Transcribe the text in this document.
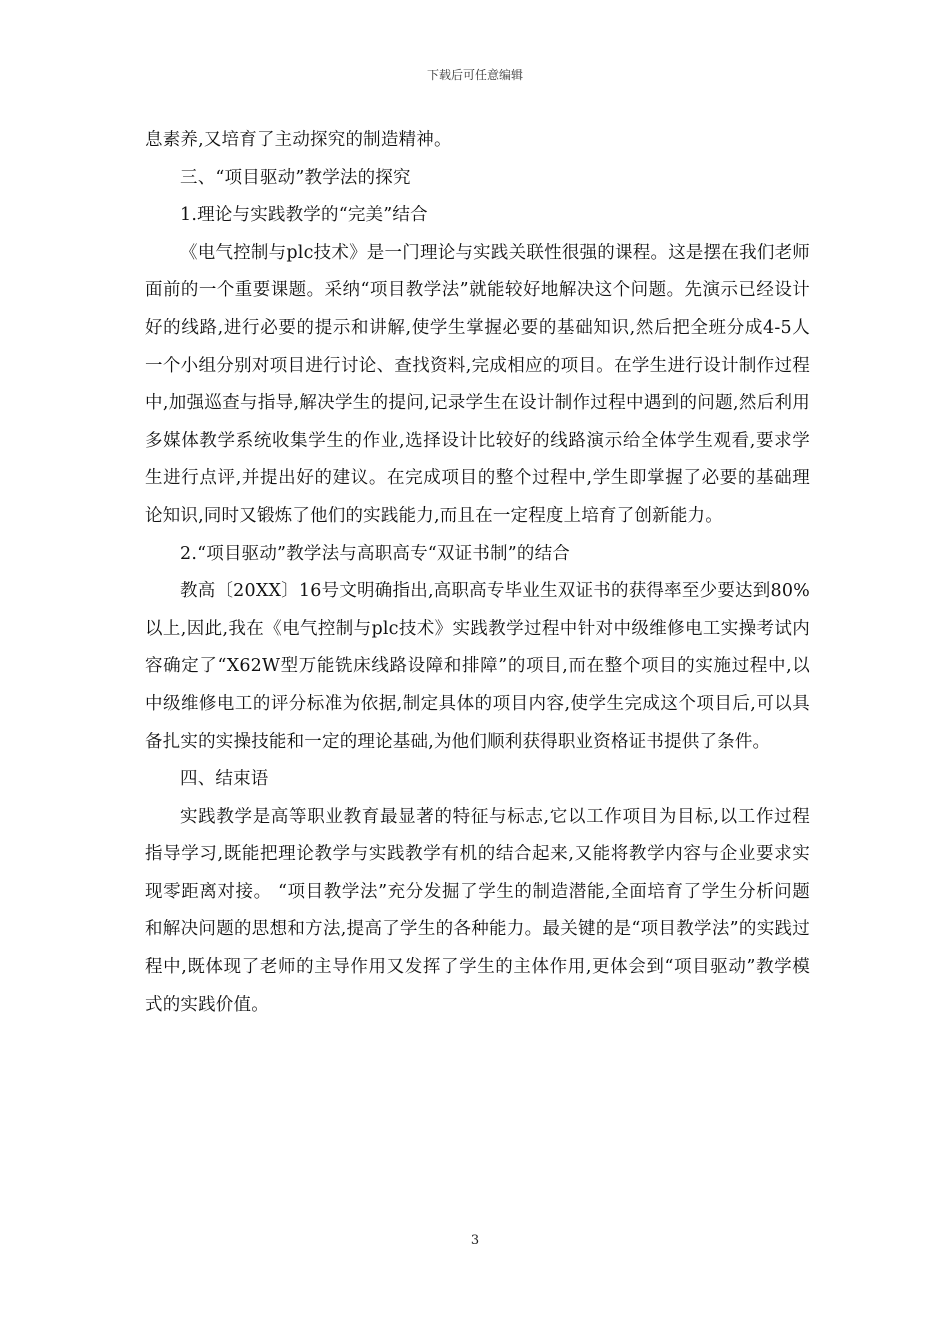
下载后可任意编辑

息素养,又培育了主动探究的制造精神。

三、“项目驱动”教学法的探究

1.理论与实践教学的“完美”结合

《电气控制与plc技术》是一门理论与实践关联性很强的课程。这是摆在我们老师面前的一个重要课题。采纳“项目教学法”就能较好地解决这个问题。先演示已经设计好的线路,进行必要的提示和讲解,使学生掌握必要的基础知识,然后把全班分成4-5人一个小组分别对项目进行讨论、查找资料,完成相应的项目。在学生进行设计制作过程中,加强巡查与指导,解决学生的提问,记录学生在设计制作过程中遇到的问题,然后利用多媒体教学系统收集学生的作业,选择设计比较好的线路演示给全体学生观看,要求学生进行点评,并提出好的建议。在完成项目的整个过程中,学生即掌握了必要的基础理论知识,同时又锻炼了他们的实践能力,而且在一定程度上培育了创新能力。

2.“项目驱动”教学法与高职高专“双证书制”的结合

教高〔20XX〕16号文明确指出,高职高专毕业生双证书的获得率至少要达到80%以上,因此,我在《电气控制与plc技术》实践教学过程中针对中级维修电工实操考试内容确定了“X62W型万能铣床线路设障和排障”的项目,而在整个项目的实施过程中,以中级维修电工的评分标准为依据,制定具体的项目内容,使学生完成这个项目后,可以具备扎实的实操技能和一定的理论基础,为他们顺利获得职业资格证书提供了条件。

四、结束语

实践教学是高等职业教育最显著的特征与标志,它以工作项目为目标,以工作过程指导学习,既能把理论教学与实践教学有机的结合起来,又能将教学内容与企业要求实现零距离对接。 “项目教学法”充分发掘了学生的制造潜能,全面培育了学生分析问题和解决问题的思想和方法,提高了学生的各种能力。最关键的是“项目教学法”的实践过程中,既体现了老师的主导作用又发挥了学生的主体作用,更体会到“项目驱动”教学模式的实践价值。

3
